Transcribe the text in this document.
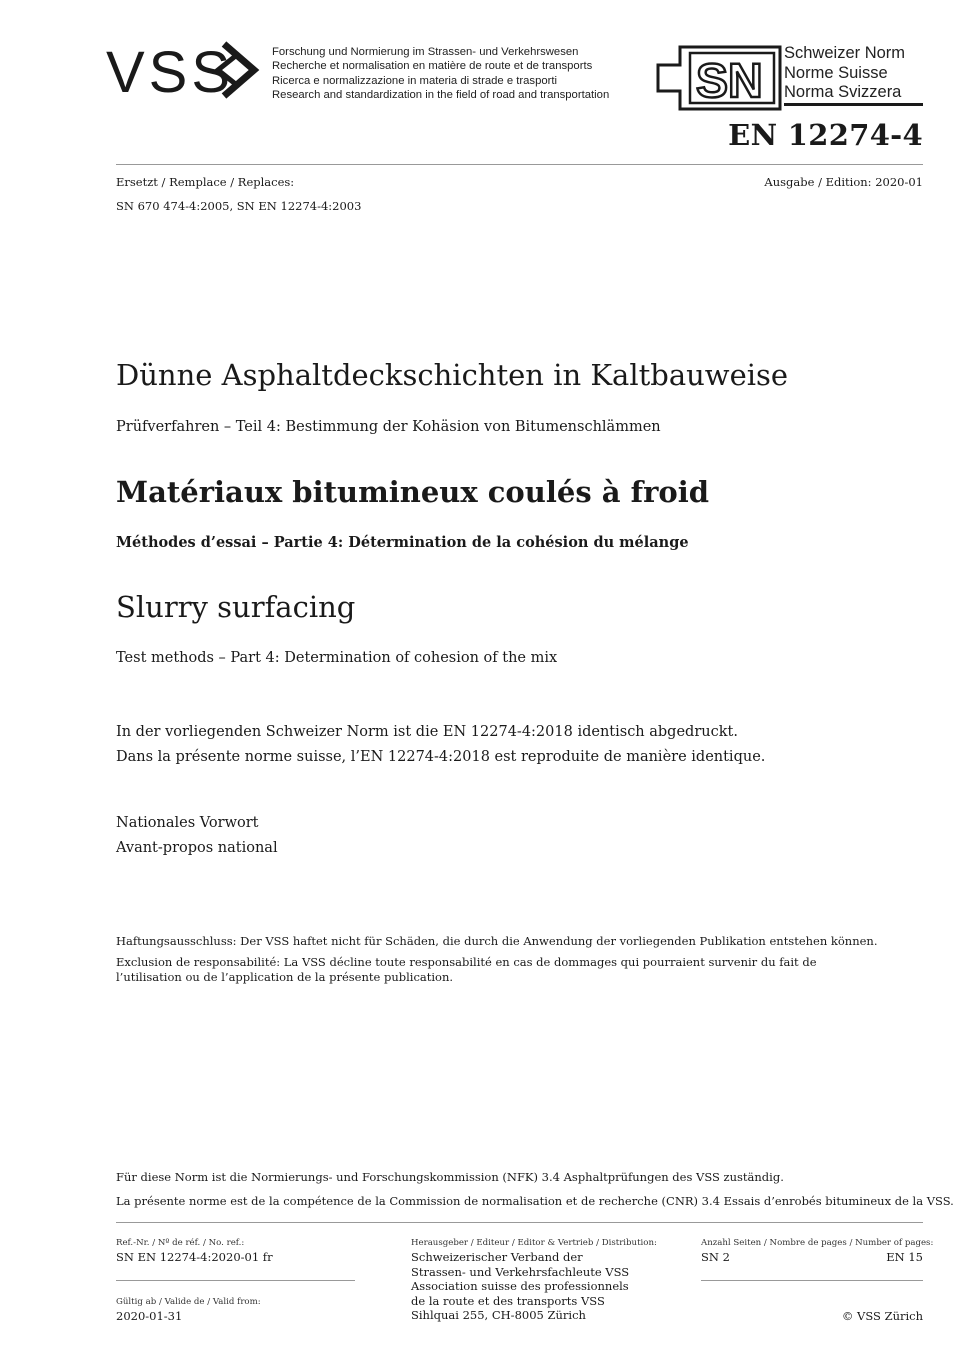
VSS	Forschung und Normierung im Strassen- und Verkehrswesen
Recherche et normalisation en matière de route et de transports
Ricerca e normalizzazione in materia di strade e trasporti
Research and standardization in the field of road and transportation SN
Schweizer Norm
Norme Suisse
Norma Svizzera
EN 12274-4
Ersetzt / Remplace / Replaces:	Ausgabe / Edition: 2020-01
SN 670 474-4:2005, SN EN 12274-4:2003
Dünne Asphaltdeckschichten in Kaltbauweise
Prüfverfahren – Teil 4: Bestimmung der Kohäsion von Bitumenschlämmen
Matériaux bitumineux coulés à froid
Méthodes d’essai – Partie 4: Détermination de la cohésion du mélange
Slurry surfacing
Test methods – Part 4: Determination of cohesion of the mix
In der vorliegenden Schweizer Norm ist die EN 12274-4:2018 identisch abgedruckt.
Dans la présente norme suisse, l’EN 12274-4:2018 est reproduite de manière identique.
Nationales Vorwort
Avant-propos national
Haftungsausschluss: Der VSS haftet nicht für Schäden, die durch die Anwendung der vorliegenden Publikation entstehen können.
Exclusion de responsabilité: La VSS décline toute responsabilité en cas de dommages qui pourraient survenir du fait de l’utilisation ou de l’application de la présente publication.
Für diese Norm ist die Normierungs- und Forschungskommission (NFK) 3.4 Asphaltprüfungen des VSS zuständig.
La présente norme est de la compétence de la Commission de normalisation et de recherche (CNR) 3.4 Essais d’enrobés bitumineux de la VSS.
Ref.-Nr. / Nº de réf. / No. ref.:
SN EN 12274-4:2020-01 fr
Gültig ab / Valide de / Valid from:
2020-01-31
Herausgeber / Editeur / Editor & Vertrieb / Distribution:
Schweizerischer Verband der
Strassen- und Verkehrsfachleute VSS
Association suisse des professionnels
de la route et des transports VSS
Sihlquai 255, CH-8005 Zürich
Anzahl Seiten / Nombre de pages / Number of pages:
SN 2	EN 15
© VSS Zürich
